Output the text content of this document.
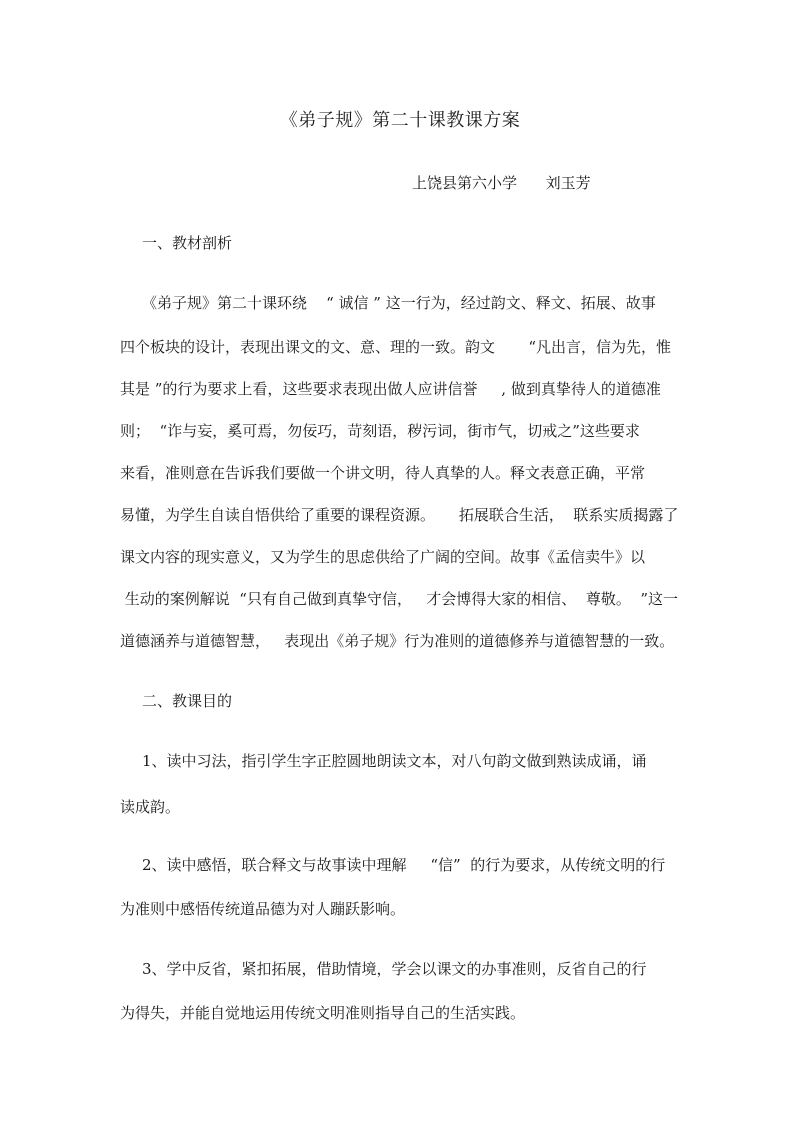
《弟子规》第二十课教课方案
上饶县第六小学      刘玉芳
一、教材剖析
《弟子规》第二十课环绕    “ 诚信 ” 这一行为，经过韵文、释文、拓展、故事
四个板块的设计，表现出课文的文、意、理的一致。韵文       “凡出言，信为先，惟
其是 ”的行为要求上看，这些要求表现出做人应讲信誉     , 做到真挚待人的道德准
则；  “诈与妄，奚可焉，勿佞巧，苛刻语，秽污词，街市气，切戒之”这些要求
来看，准则意在告诉我们要做一个讲文明，待人真挚的人。释文表意正确，平常
易懂，为学生自读自悟供给了重要的课程资源。     拓展联合生活，  联系实质揭露了
课文内容的现实意义，又为学生的思虑供给了广阔的空间。故事《孟信卖牛》以
生动的案例解说  “只有自己做到真挚守信，   才会博得大家的相信、  尊敬。  ”这一
道德涵养与道德智慧，   表现出《弟子规》行为准则的道德修养与道德智慧的一致。
二、教课目的
1、读中习法，指引学生字正腔圆地朗读文本，对八句韵文做到熟读成诵，诵
读成韵。
2、读中感悟，联合释文与故事读中理解     “信”  的行为要求，从传统文明的行
为准则中感悟传统道品德为对人蹦跃影响。
3、学中反省，紧扣拓展，借助情境，学会以课文的办事准则，反省自己的行
为得失，并能自觉地运用传统文明准则指导自己的生活实践。
